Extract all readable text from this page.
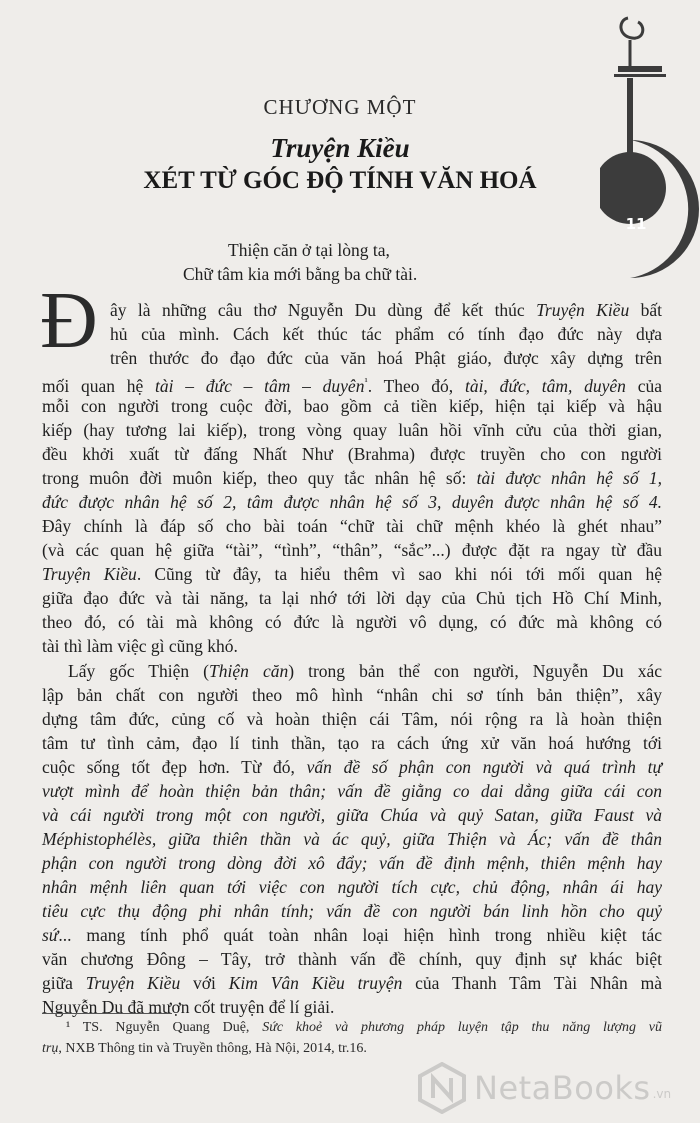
11
CHƯƠNG MỘT
Truyện Kiều
XÉT TỪ GÓC ĐỘ TÍNH VĂN HOÁ
Thiện căn ở tại lòng ta,
Chữ tâm kia mới bằng ba chữ tài.
Đ ây là những câu thơ Nguyễn Du dùng để kết thúc Truyện Kiều bất
hủ của mình. Cách kết thúc tác phẩm có tính đạo đức này dựa
trên thước đo đạo đức của văn hoá Phật giáo, được xây dựng trên
mối quan hệ tài – đức – tâm – duyên$^{^1}$. Theo đó, tài, đức, tâm, duyên của
mỗi con người trong cuộc đời, bao gồm cả tiền kiếp, hiện tại kiếp và hậu
kiếp (hay tương lai kiếp), trong vòng quay luân hồi vĩnh cửu của thời gian,
đều khởi xuất từ đấng Nhất Như (Brahma) được truyền cho con người
trong muôn đời muôn kiếp, theo quy tắc nhân hệ số: tài được nhân hệ số 1,
đức được nhân hệ số 2, tâm được nhân hệ số 3, duyên được nhân hệ số 4.
Đây chính là đáp số cho bài toán “chữ tài chữ mệnh khéo là ghét nhau”
(và các quan hệ giữa “tài”, “tình”, “thân”, “sắc”...) được đặt ra ngay từ đầu
Truyện Kiều. Cũng từ đây, ta hiểu thêm vì sao khi nói tới mối quan hệ
giữa đạo đức và tài năng, ta lại nhớ tới lời dạy của Chủ tịch Hồ Chí Minh,
theo đó, có tài mà không có đức là người vô dụng, có đức mà không có
tài thì làm việc gì cũng khó.
Lấy gốc Thiện (Thiện căn) trong bản thể con người, Nguyễn Du xác
lập bản chất con người theo mô hình “nhân chi sơ tính bản thiện”, xây
dựng tâm đức, củng cố và hoàn thiện cái Tâm, nói rộng ra là hoàn thiện
tâm tư tình cảm, đạo lí tinh thần, tạo ra cách ứng xử văn hoá hướng tới
cuộc sống tốt đẹp hơn. Từ đó, vấn đề số phận con người và quá trình tự
vượt mình để hoàn thiện bản thân; vấn đề giằng co dai dẳng giữa cái con
và cái người trong một con người, giữa Chúa và quỷ Satan, giữa Faust và
Méphistophélès, giữa thiên thần và ác quỷ, giữa Thiện và Ác; vấn đề thân
phận con người trong dòng đời xô đẩy; vấn đề định mệnh, thiên mệnh hay
nhân mệnh liên quan tới việc con người tích cực, chủ động, nhân ái hay
tiêu cực thụ động phi nhân tính; vấn đề con người bán linh hồn cho quỷ
sứ... mang tính phổ quát toàn nhân loại hiện hình trong nhiều kiệt tác
văn chương Đông – Tây, trở thành vấn đề chính, quy định sự khác biệt
giữa Truyện Kiều với Kim Vân Kiều truyện của Thanh Tâm Tài Nhân mà
Nguyễn Du đã mượn cốt truyện để lí giải.
¹ TS. Nguyễn Quang Duệ, Sức khoẻ và phương pháp luyện tập thu năng lượng vũ
trụ, NXB Thông tin và Truyền thông, Hà Nội, 2014, tr.16.
NetaBooks .vn
